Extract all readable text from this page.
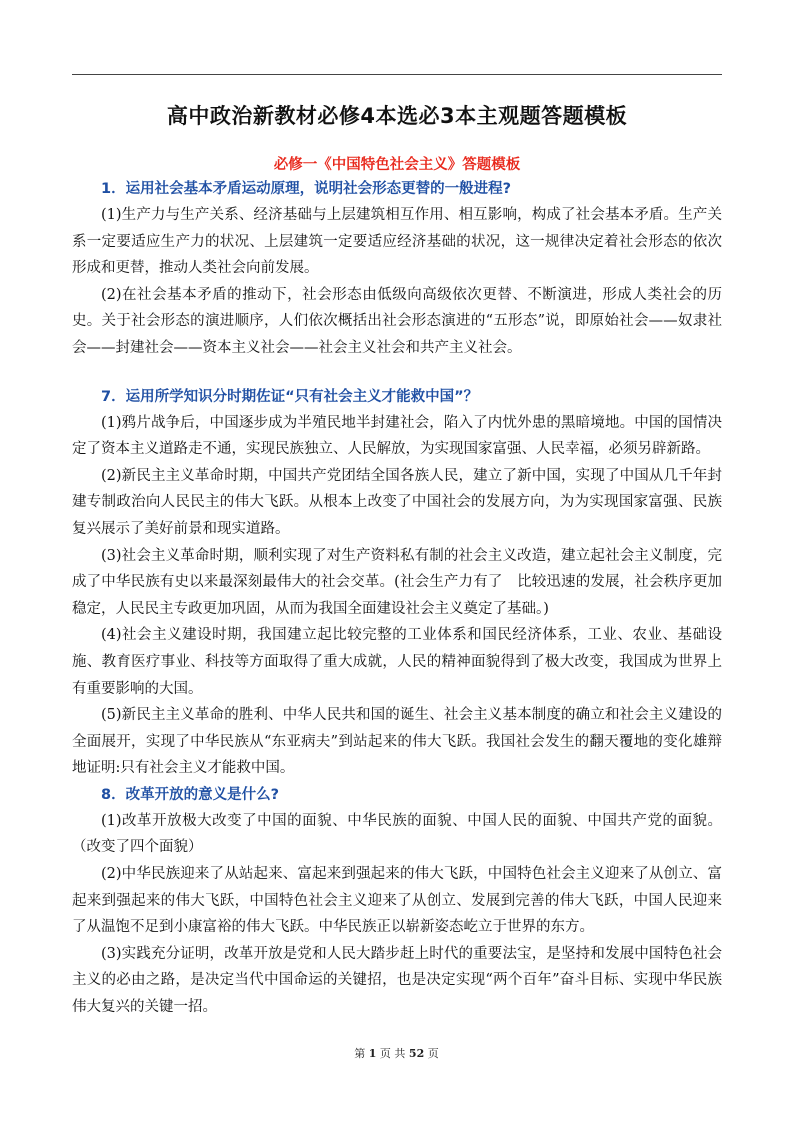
高中政治新教材必修4本选必3本主观题答题模板
必修一《中国特色社会主义》答题模板

1．运用社会基本矛盾运动原理，说明社会形态更替的一般进程?

(1)生产力与生产关系、经济基础与上层建筑相互作用、相互影响，构成了社会基本矛盾。生产关系一定要适应生产力的状况、上层建筑一定要适应经济基础的状况，这一规律决定着社会形态的依次形成和更替，推动人类社会向前发展。

(2)在社会基本矛盾的推动下，社会形态由低级向高级依次更替、不断演进，形成人类社会的历史。关于社会形态的演进顺序，人们依次概括出社会形态演进的“五形态”说，即原始社会——奴隶社会——封建社会——资本主义社会——社会主义社会和共产主义社会。

7．运用所学知识分时期佐证“只有社会主义才能救中国”？

(1)鸦片战争后，中国逐步成为半殖民地半封建社会，陷入了内忧外患的黑暗境地。中国的国情决定了资本主义道路走不通，实现民族独立、人民解放，为实现国家富强、人民幸福，必须另辟新路。

(2)新民主主义革命时期，中国共产党团结全国各族人民，建立了新中国，实现了中国从几千年封建专制政治向人民民主的伟大飞跃。从根本上改变了中国社会的发展方向，为为实现国家富强、民族复兴展示了美好前景和现实道路。

(3)社会主义革命时期，顺利实现了对生产资料私有制的社会主义改造，建立起社会主义制度，完成了中华民族有史以来最深刻最伟大的社会交革。(社会生产力有了　比较迅速的发展，社会秩序更加稳定，人民民主专政更加巩固，从而为我国全面建设社会主义奠定了基础。)

(4)社会主义建设时期，我国建立起比较完整的工业体系和国民经济体系，工业、农业、基础设施、教育医疗事业、科技等方面取得了重大成就，人民的精神面貌得到了极大改变，我国成为世界上有重要影响的大国。

(5)新民主主义革命的胜利、中华人民共和国的诞生、社会主义基本制度的确立和社会主义建设的全面展开，实现了中华民族从“东亚病夫”到站起来的伟大飞跃。我国社会发生的翻天覆地的变化雄辩地证明:只有社会主义才能救中国。

8．改革开放的意义是什么?

(1)改革开放极大改变了中国的面貌、中华民族的面貌、中国人民的面貌、中国共产党的面貌。（改变了四个面貌）

(2)中华民族迎来了从站起来、富起来到强起来的伟大飞跃，中国特色社会主义迎来了从创立、富起来到强起来的伟大飞跃，中国特色社会主义迎来了从创立、发展到完善的伟大飞跃，中国人民迎来了从温饱不足到小康富裕的伟大飞跃。中华民族正以崭新姿态屹立于世界的东方。

(3)实践充分证明，改革开放是党和人民大踏步赶上时代的重要法宝，是坚持和发展中国特色社会主义的必由之路，是决定当代中国命运的关键招，也是决定实现“两个百年”奋斗目标、实现中华民族伟大复兴的关键一招。

第 1 页 共 52 页
